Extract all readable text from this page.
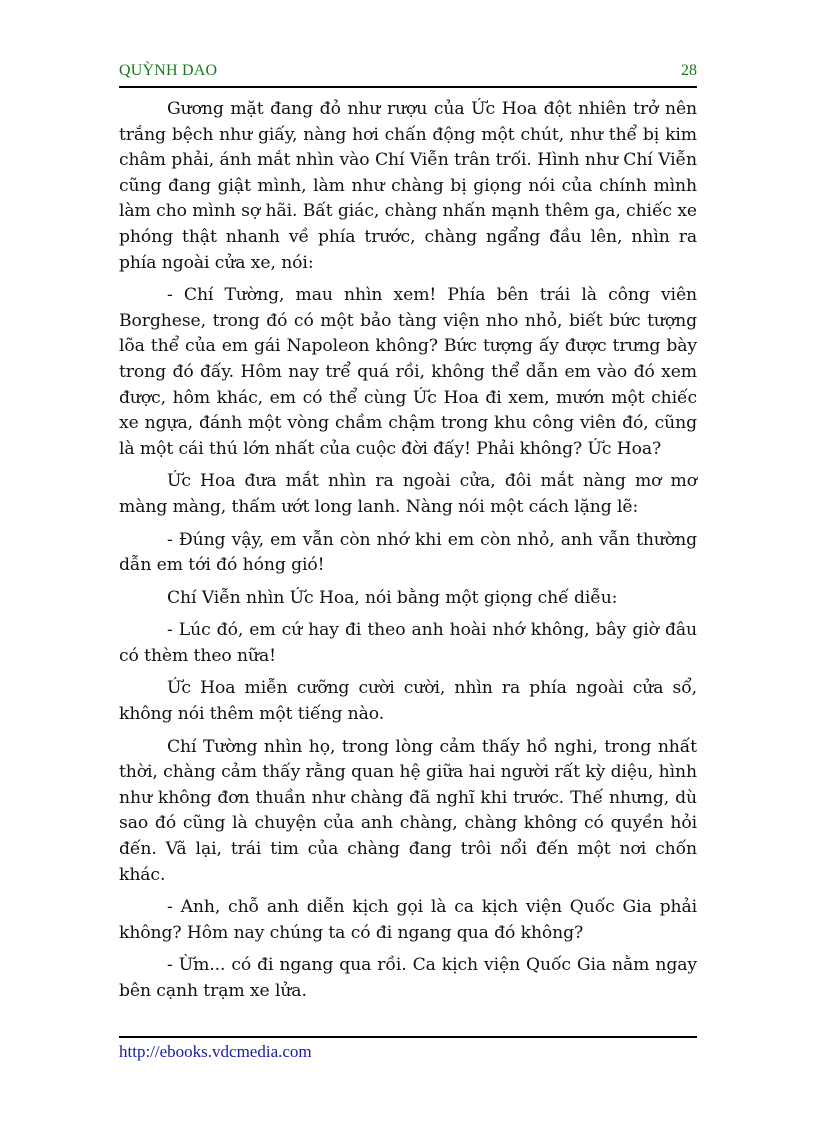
QUỲNH DAO	28

Gương mặt đang đỏ như rượu của Ức Hoa đột nhiên trở nên trắng bệch như giấy, nàng hơi chấn động một chút, như thể bị kim châm phải, ánh mắt nhìn vào Chí Viễn trân trối. Hình như Chí Viễn cũng đang giật mình, làm như chàng bị giọng nói của chính mình làm cho mình sợ hãi. Bất giác, chàng nhấn mạnh thêm ga, chiếc xe phóng thật nhanh về phía trước, chàng ngẩng đầu lên, nhìn ra phía ngoài cửa xe, nói:

- Chí Tường, mau nhìn xem! Phía bên trái là công viên Borghese, trong đó có một bảo tàng viện nho nhỏ, biết bức tượng lõa thể của em gái Napoleon không? Bức tượng ấy được trưng bày trong đó đấy. Hôm nay trể quá rồi, không thể dẫn em vào đó xem được, hôm khác, em có thể cùng Ức Hoa đi xem, mướn một chiếc xe ngựa, đánh một vòng chầm chậm trong khu công viên đó, cũng là một cái thú lớn nhất của cuộc đời đấy! Phải không? Ức Hoa?

Ức Hoa đưa mắt nhìn ra ngoài cửa, đôi mắt nàng mơ mơ màng màng, thấm ướt long lanh. Nàng nói một cách lặng lẽ:

- Đúng vậy, em vẫn còn nhớ khi em còn nhỏ, anh vẫn thường dẫn em tới đó hóng gió!

Chí Viễn nhìn Ức Hoa, nói bằng một giọng chế diễu:

- Lúc đó, em cứ hay đi theo anh hoài nhớ không, bây giờ đâu có thèm theo nữa!

Ức Hoa miễn cưỡng cười cười, nhìn ra phía ngoài cửa sổ, không nói thêm một tiếng nào.

Chí Tường nhìn họ, trong lòng cảm thấy hồ nghi, trong nhất thời, chàng cảm thấy rằng quan hệ giữa hai người rất kỳ diệu, hình như không đơn thuần như chàng đã nghĩ khi trước. Thế nhưng, dù sao đó cũng là chuyện của anh chàng, chàng không có quyền hỏi đến. Vã lại, trái tim của chàng đang trôi nổi đến một nơi chốn khác.

- Anh, chỗ anh diễn kịch gọi là ca kịch viện Quốc Gia phải không? Hôm nay chúng ta có đi ngang qua đó không?

- Ừm... có đi ngang qua rồi. Ca kịch viện Quốc Gia nằm ngay bên cạnh trạm xe lửa.

http://ebooks.vdcmedia.com
